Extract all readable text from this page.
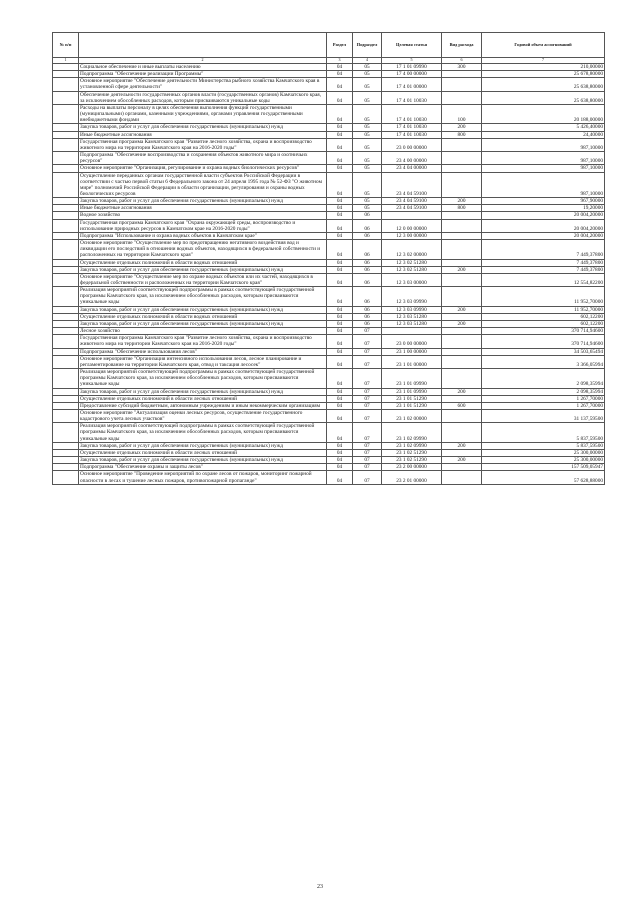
№ п/п		Раздел	Подраздел	Целевая статья	Вид расхода	Годовой объем ассигнований
1	2	3	4	5	6	7
	Социальное обеспечение и иные выплаты населению	04	05	17 1 01 09990	300	210,00000
	Подпрограмма "Обеспечение реализации Программы"	04	05	17 4 00 00000		25 678,80000
	Основное мероприятие "Обеспечение деятельности Министерства рыбного хозяйства Камчатского края в установленной сфере деятельности"	04	05	17 4 01 00000		25 638,80000
	Обеспечение деятельности государственных органов власти (государственных органов) Камчатского края, за исключением обособленных расходов, которым присваиваются уникальные коды	04	05	17 4 01 10030		25 638,80000
	Расходы на выплаты персоналу в целях обеспечения выполнения функций государственными (муниципальными) органами, казенными учреждениями, органами управления государственными внебюджетными фондами	04	05	17 4 01 10030	100	20 188,00000
	Закупка товаров, работ и услуг для обеспечения государственных (муниципальных) нужд	04	05	17 4 01 10030	200	5 426,40000
	Иные бюджетные ассигнования	04	05	17 4 01 10030	800	24,40000
	Государственная программа Камчатского края "Развитие лесного хозяйства, охрана и воспроизводство животного мира на территории Камчатского края на 2016-2020 годы"	04	05	23 0 00 00000		987,10000
	Подпрограмма "Обеспечение воспроизводства и сохранения объектов животного мира и охотничьих ресурсов"	04	05	23 4 00 00000		987,10000
	Основное мероприятие "Организация, регулирование и охрана водных биологических ресурсов"	04	05	23 4 04 00000		987,10000
	Осуществление переданных органам государственной власти субъектов Российской Федерации в соответствии с частью первой статьи 6 Федерального закона от 24 апреля 1995 года № 52-ФЗ "О животном мире" полномочий Российской Федерации в области организации, регулирования и охраны водных биологических ресурсов	04	05	23 4 04 59100		987,10000
	Закупка товаров, работ и услуг для обеспечения государственных (муниципальных) нужд	04	05	23 4 04 59100	200	967,90000
	Иные бюджетные ассигнования	04	05	23 4 04 59100	800	19,20000
	Водное хозяйство	04	06			20 004,20000
	Государственная программа Камчатского края "Охрана окружающей среды, воспроизводство и использование природных ресурсов в Камчатском крае на 2016-2020 годы"	04	06	12 0 00 00000		20 004,20000
	Подпрограмма "Использование и охрана водных объектов в Камчатском крае"	04	06	12 3 00 00000		20 004,20000
	Основное мероприятие "Осуществление мер по предотвращению негативного воздействия вод и ликвидации его последствий в отношении водных объектов, находящихся в федеральной собственности и расположенных на территории Камчатского края"	04	06	12 3 02 00000		7 449,37800
	Осуществление отдельных полномочий в области водных отношений	04	06	12 3 02 51280		7 449,37800
	Закупка товаров, работ и услуг для обеспечения государственных (муниципальных) нужд	04	06	12 3 02 51280	200	7 449,37800
	Основное мероприятие "Осуществление мер по охране водных объектов или их частей, находящихся в федеральной собственности и расположенных на территории Камчатского края"	04	06	12 3 03 00000		12 554,82200
	Реализация мероприятий соответствующей подпрограммы в рамках соответствующей государственной программы Камчатского края, за исключением обособленных расходов, которым присваиваются уникальные коды	04	06	12 3 03 09990		11 952,70000
	Закупка товаров, работ и услуг для обеспечения государственных (муниципальных) нужд	04	06	12 3 03 09990	200	11 952,70000
	Осуществление отдельных полномочий в области водных отношений	04	06	12 3 03 51280		602,12200
	Закупка товаров, работ и услуг для обеспечения государственных (муниципальных) нужд	04	06	12 3 03 51280	200	602,12200
	Лесное хозяйство	04	07			370 714,94600
	Государственная программа Камчатского края "Развитие лесного хозяйства, охрана и воспроизводство животного мира на территории Камчатского края на 2016-2020 годы"	04	07	23 0 00 00000		370 714,94600
	Подпрограмма "Обеспечение использования лесов"	04	07	23 1 00 00000		34 503,65494
	Основное мероприятие "Организация интенсивного использования лесов, лесное планирование и регламентирование на территории Камчатского края, отвод и таксация лесосек"	04	07	23 1 01 00000		3 366,05994
	Реализация мероприятий соответствующей подпрограммы в рамках соответствующей государственной программы Камчатского края, за исключением обособленных расходов, которым присваиваются уникальные коды	04	07	23 1 01 09990		2 098,35994
	Закупка товаров, работ и услуг для обеспечения государственных (муниципальных) нужд	04	07	23 1 01 09990	200	2 098,35994
	Осуществление отдельных полномочий в области лесных отношений	04	07	23 1 01 51290		1 267,70000
	Предоставление субсидий бюджетным, автономным учреждениям и иным некоммерческим организациям	04	07	23 1 01 51290	600	1 267,70000
	Основное мероприятие "Актуализация оценки лесных ресурсов, осуществление государственного кадастрового учета лесных участков"	04	07	23 1 02 00000		31 137,59500
	Реализация мероприятий соответствующей подпрограммы в рамках соответствующей государственной программы Камчатского края, за исключением обособленных расходов, которым присваиваются уникальные коды	04	07	23 1 02 09990		5 837,59500
	Закупка товаров, работ и услуг для обеспечения государственных (муниципальных) нужд	04	07	23 1 02 09990	200	5 837,59500
	Осуществление отдельных полномочий в области лесных отношений	04	07	23 1 02 51290		25 300,00000
	Закупка товаров, работ и услуг для обеспечения государственных (муниципальных) нужд	04	07	23 1 02 51290	200	25 300,00000
	Подпрограмма "Обеспечение охраны и защиты лесов"	04	07	23 2 00 00000		157 509,05947
	Основное мероприятие "Проведение мероприятий по охране лесов от пожаров, мониторинг пожарной опасности в лесах и тушение лесных пожаров, противопожарной пропаганде"	04	07	23 2 01 00000		57 628,88000
23
